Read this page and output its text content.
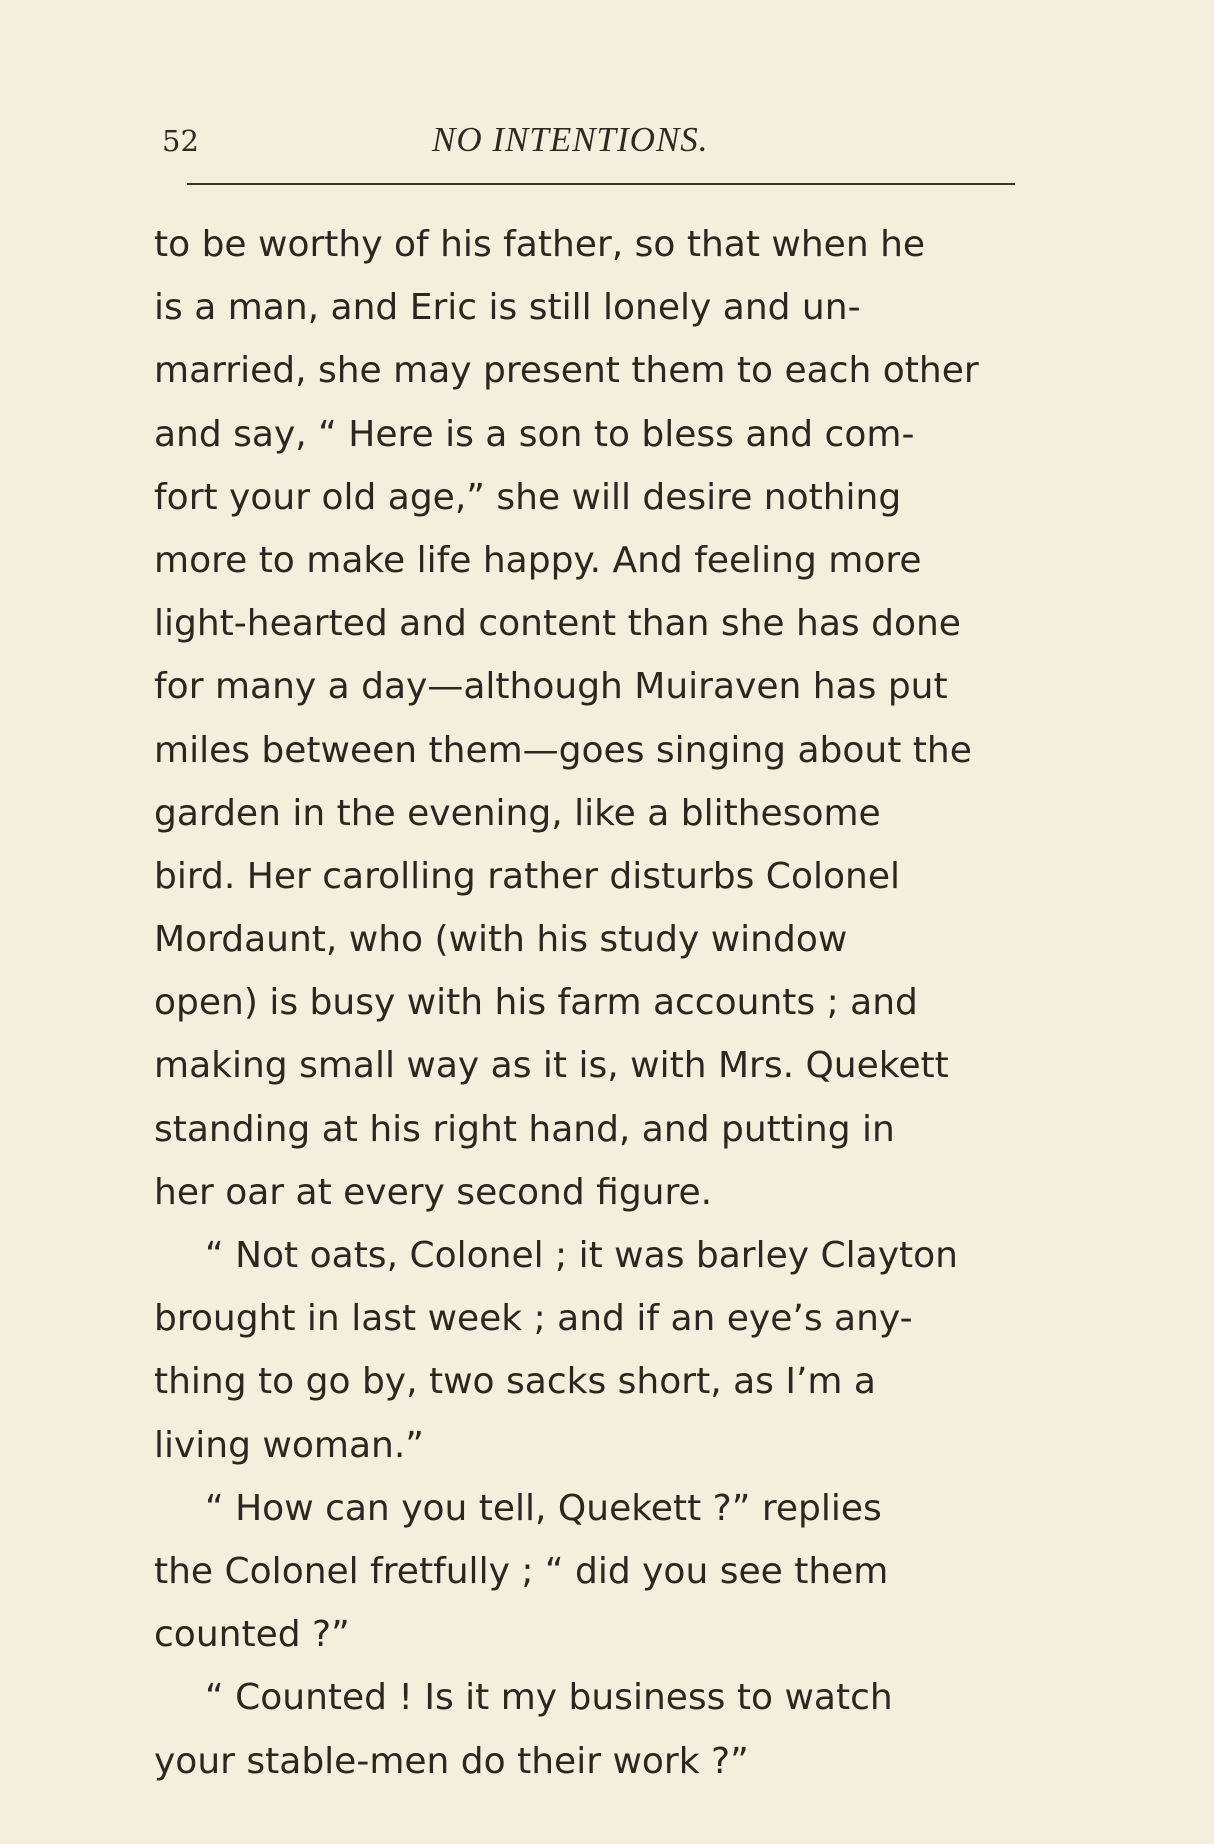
52	NO INTENTIONS.
to be worthy of his father, so that when he
is a man, and Eric is still lonely and un-
married, she may present them to each other
and say, “ Here is a son to bless and com-
fort your old age,” she will desire nothing
more to make life happy. And feeling more
light-hearted and content than she has done
for many a day—although Muiraven has put
miles between them—goes singing about the
garden in the evening, like a blithesome
bird. Her carolling rather disturbs Colonel
Mordaunt, who (with his study window
open) is busy with his farm accounts ; and
making small way as it is, with Mrs. Quekett
standing at his right hand, and putting in
her oar at every second figure.
“ Not oats, Colonel ; it was barley Clayton
brought in last week ; and if an eye’s any-
thing to go by, two sacks short, as I’m a
living woman.”
“ How can you tell, Quekett ?” replies
the Colonel fretfully ; “ did you see them
counted ?”
“ Counted ! Is it my business to watch
your stable-men do their work ?”
